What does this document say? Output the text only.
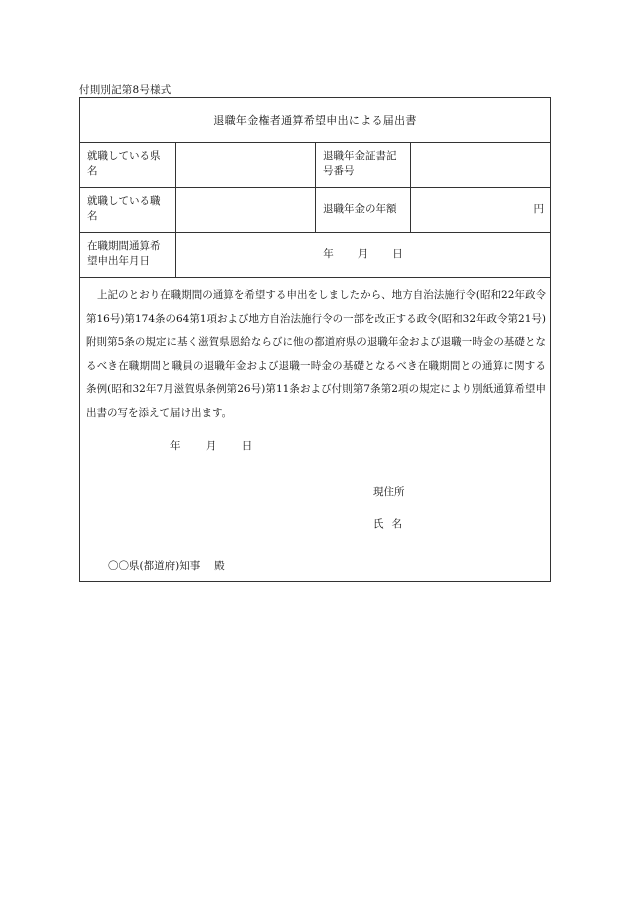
付則別記第8号様式
退職年金権者通算希望申出による届出書
就職している県名
退職年金証書記号番号
就職している職名
退職年金の年額	円
在職期間通算希望申出年月日
年 月 日

上記のとおり在職期間の通算を希望する申出をしましたから、地方自治法施行令(昭和22年政令第16号)第174条の64第1項および地方自治法施行令の一部を改正する政令(昭和32年政令第21号)附則第5条の規定に基く滋賀県恩給ならびに他の都道府県の退職年金および退職一時金の基礎となるべき在職期間と職員の退職年金および退職一時金の基礎となるべき在職期間との通算に関する条例(昭和32年7月滋賀県条例第26号)第11条および付則第7条第2項の規定により別紙通算希望申出書の写を添えて届け出ます。

年 月 日
現住所
氏名
〇〇県(都道府)知事 殿
